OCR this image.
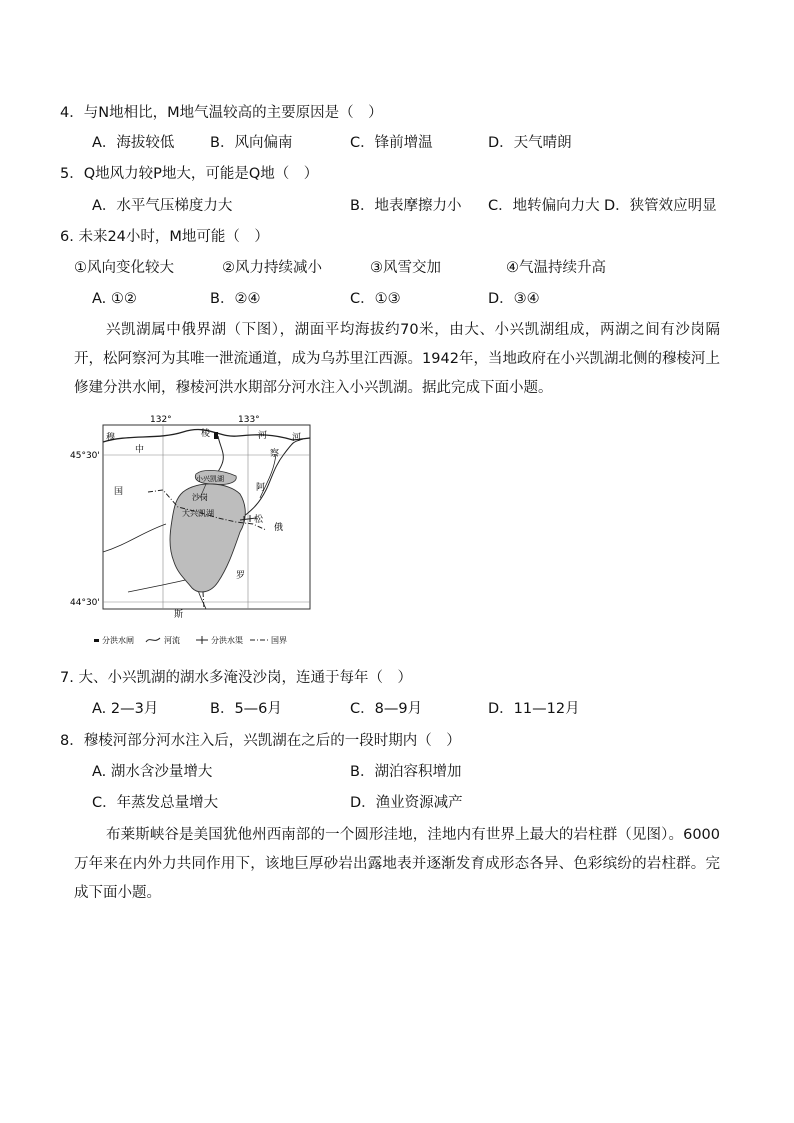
4．与N地相比，M地气温较高的主要原因是（　）
A．海拔较低 B．风向偏南	C．锋前增温	D．天气晴朗
5．Q地风力较P地大，可能是Q地（　）
A．水平气压梯度力大	B．地表摩擦力小 C．地转偏向力大 D．狭管效应明显
6. 未来24小时，M地可能（　）
①风向变化较大	②风力持续减小	③风雪交加	④气温持续升高
A. ①②	B．②④	C．①③	D．③④
兴凯湖属中俄界湖（下图），湖面平均海拔约70米，由大、小兴凯湖组成，两湖之间有沙岗隔开，松阿察河为其唯一泄流通道，成为乌苏里江西源。1942年，当地政府在小兴凯湖北侧的穆棱河上修建分洪水闸，穆棱河洪水期部分河水注入小兴凯湖。据此完成下面小题。
132°	133°
45°30'
44°30'
穆
中
棱	河	河
察
阿
国
松
俄
罗
斯
小兴凯湖
沙岗
大兴凯湖
分洪水闸	河流	分洪水渠	国界
7. 大、小兴凯湖的湖水多淹没沙岗，连通于每年（　）
A. 2—3月	B．5—6月	C．8—9月	D．11—12月
8．穆棱河部分河水注入后，兴凯湖在之后的一段时期内（　）
A. 湖水含沙量增大	B．湖泊容积增加
C．年蒸发总量增大	D．渔业资源减产
布莱斯峡谷是美国犹他州西南部的一个圆形洼地，洼地内有世界上最大的岩柱群（见图）。6000万年来在内外力共同作用下，该地巨厚砂岩出露地表并逐渐发育成形态各异、色彩缤纷的岩柱群。完成下面小题。
